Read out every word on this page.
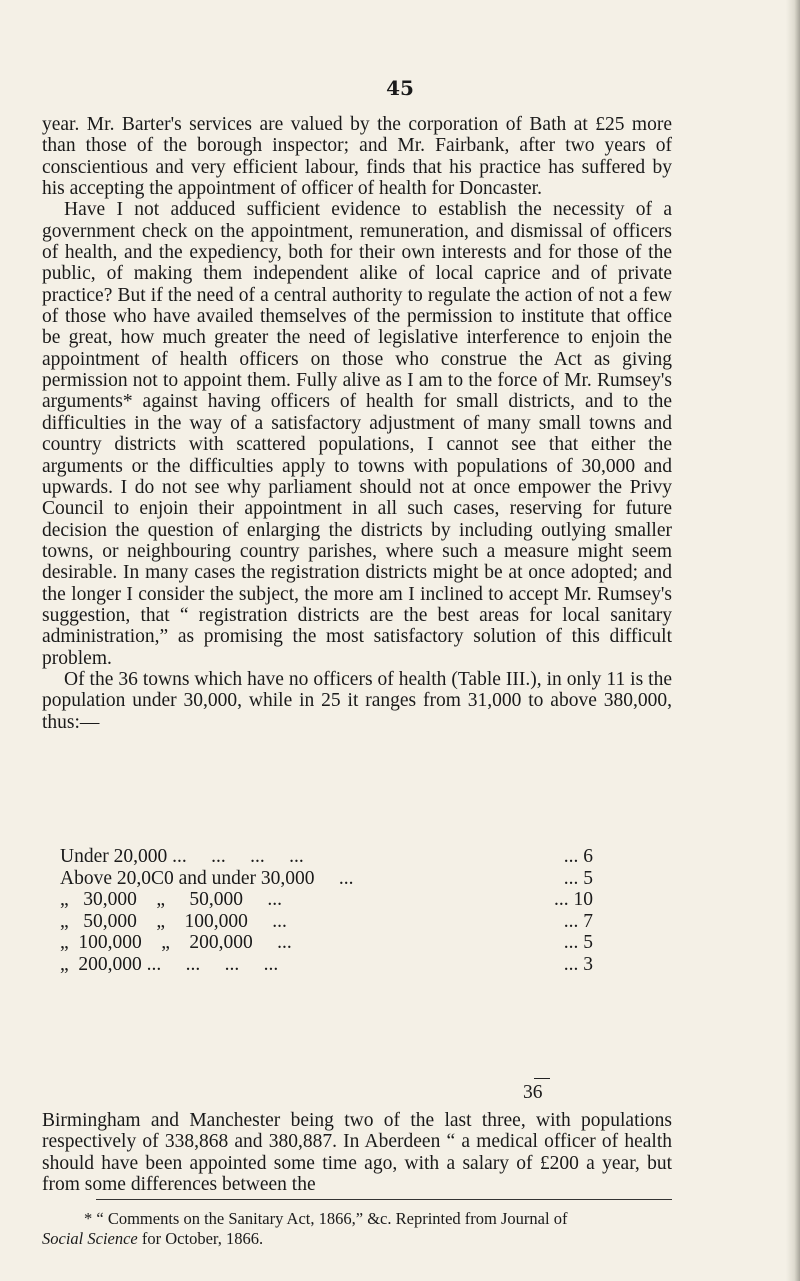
45

year. Mr. Barter's services are valued by the corporation of Bath at £25 more than those of the borough inspector; and Mr. Fairbank, after two years of conscientious and very efficient labour, finds that his practice has suffered by his accepting the appointment of officer of health for Doncaster.

Have I not adduced sufficient evidence to establish the necessity of a government check on the appointment, remuneration, and dismissal of officers of health, and the expediency, both for their own interests and for those of the public, of making them independent alike of local caprice and of private practice? But if the need of a central authority to regulate the action of not a few of those who have availed themselves of the permission to institute that office be great, how much greater the need of legislative interference to enjoin the appointment of health officers on those who construe the Act as giving permission not to appoint them. Fully alive as I am to the force of Mr. Rumsey's arguments* against having officers of health for small districts, and to the difficulties in the way of a satisfactory adjustment of many small towns and country districts with scattered populations, I cannot see that either the arguments or the difficulties apply to towns with populations of 30,000 and upwards. I do not see why parliament should not at once empower the Privy Council to enjoin their appointment in all such cases, reserving for future decision the question of enlarging the districts by including outlying smaller towns, or neighbouring country parishes, where such a measure might seem desirable. In many cases the registration districts might be at once adopted; and the longer I consider the subject, the more am I inclined to accept Mr. Rumsey's suggestion, that “ registration districts are the best areas for local sanitary administration,” as promising the most satisfactory solution of this difficult problem.

Of the 36 towns which have no officers of health (Table III.), in only 11 is the population under 30,000, while in 25 it ranges from 31,000 to above 380,000, thus:—

Under 20,000 ...     ...     ...     ...	... 6
Above 20,0C0 and under 30,000     ...	... 5
„   30,000    „     50,000     ...	... 10
„   50,000    „    100,000     ...	... 7
„  100,000    „    200,000     ...	... 5
„  200,000 ...     ...     ...     ...	... 3
36

Birmingham and Manchester being two of the last three, with populations respectively of 338,868 and 380,887. In Aberdeen “ a medical officer of health should have been appointed some time ago, with a salary of £200 a year, but from some differences between the

* “ Comments on the Sanitary Act, 1866,” &c. Reprinted from Journal of
Social Science for October, 1866.
